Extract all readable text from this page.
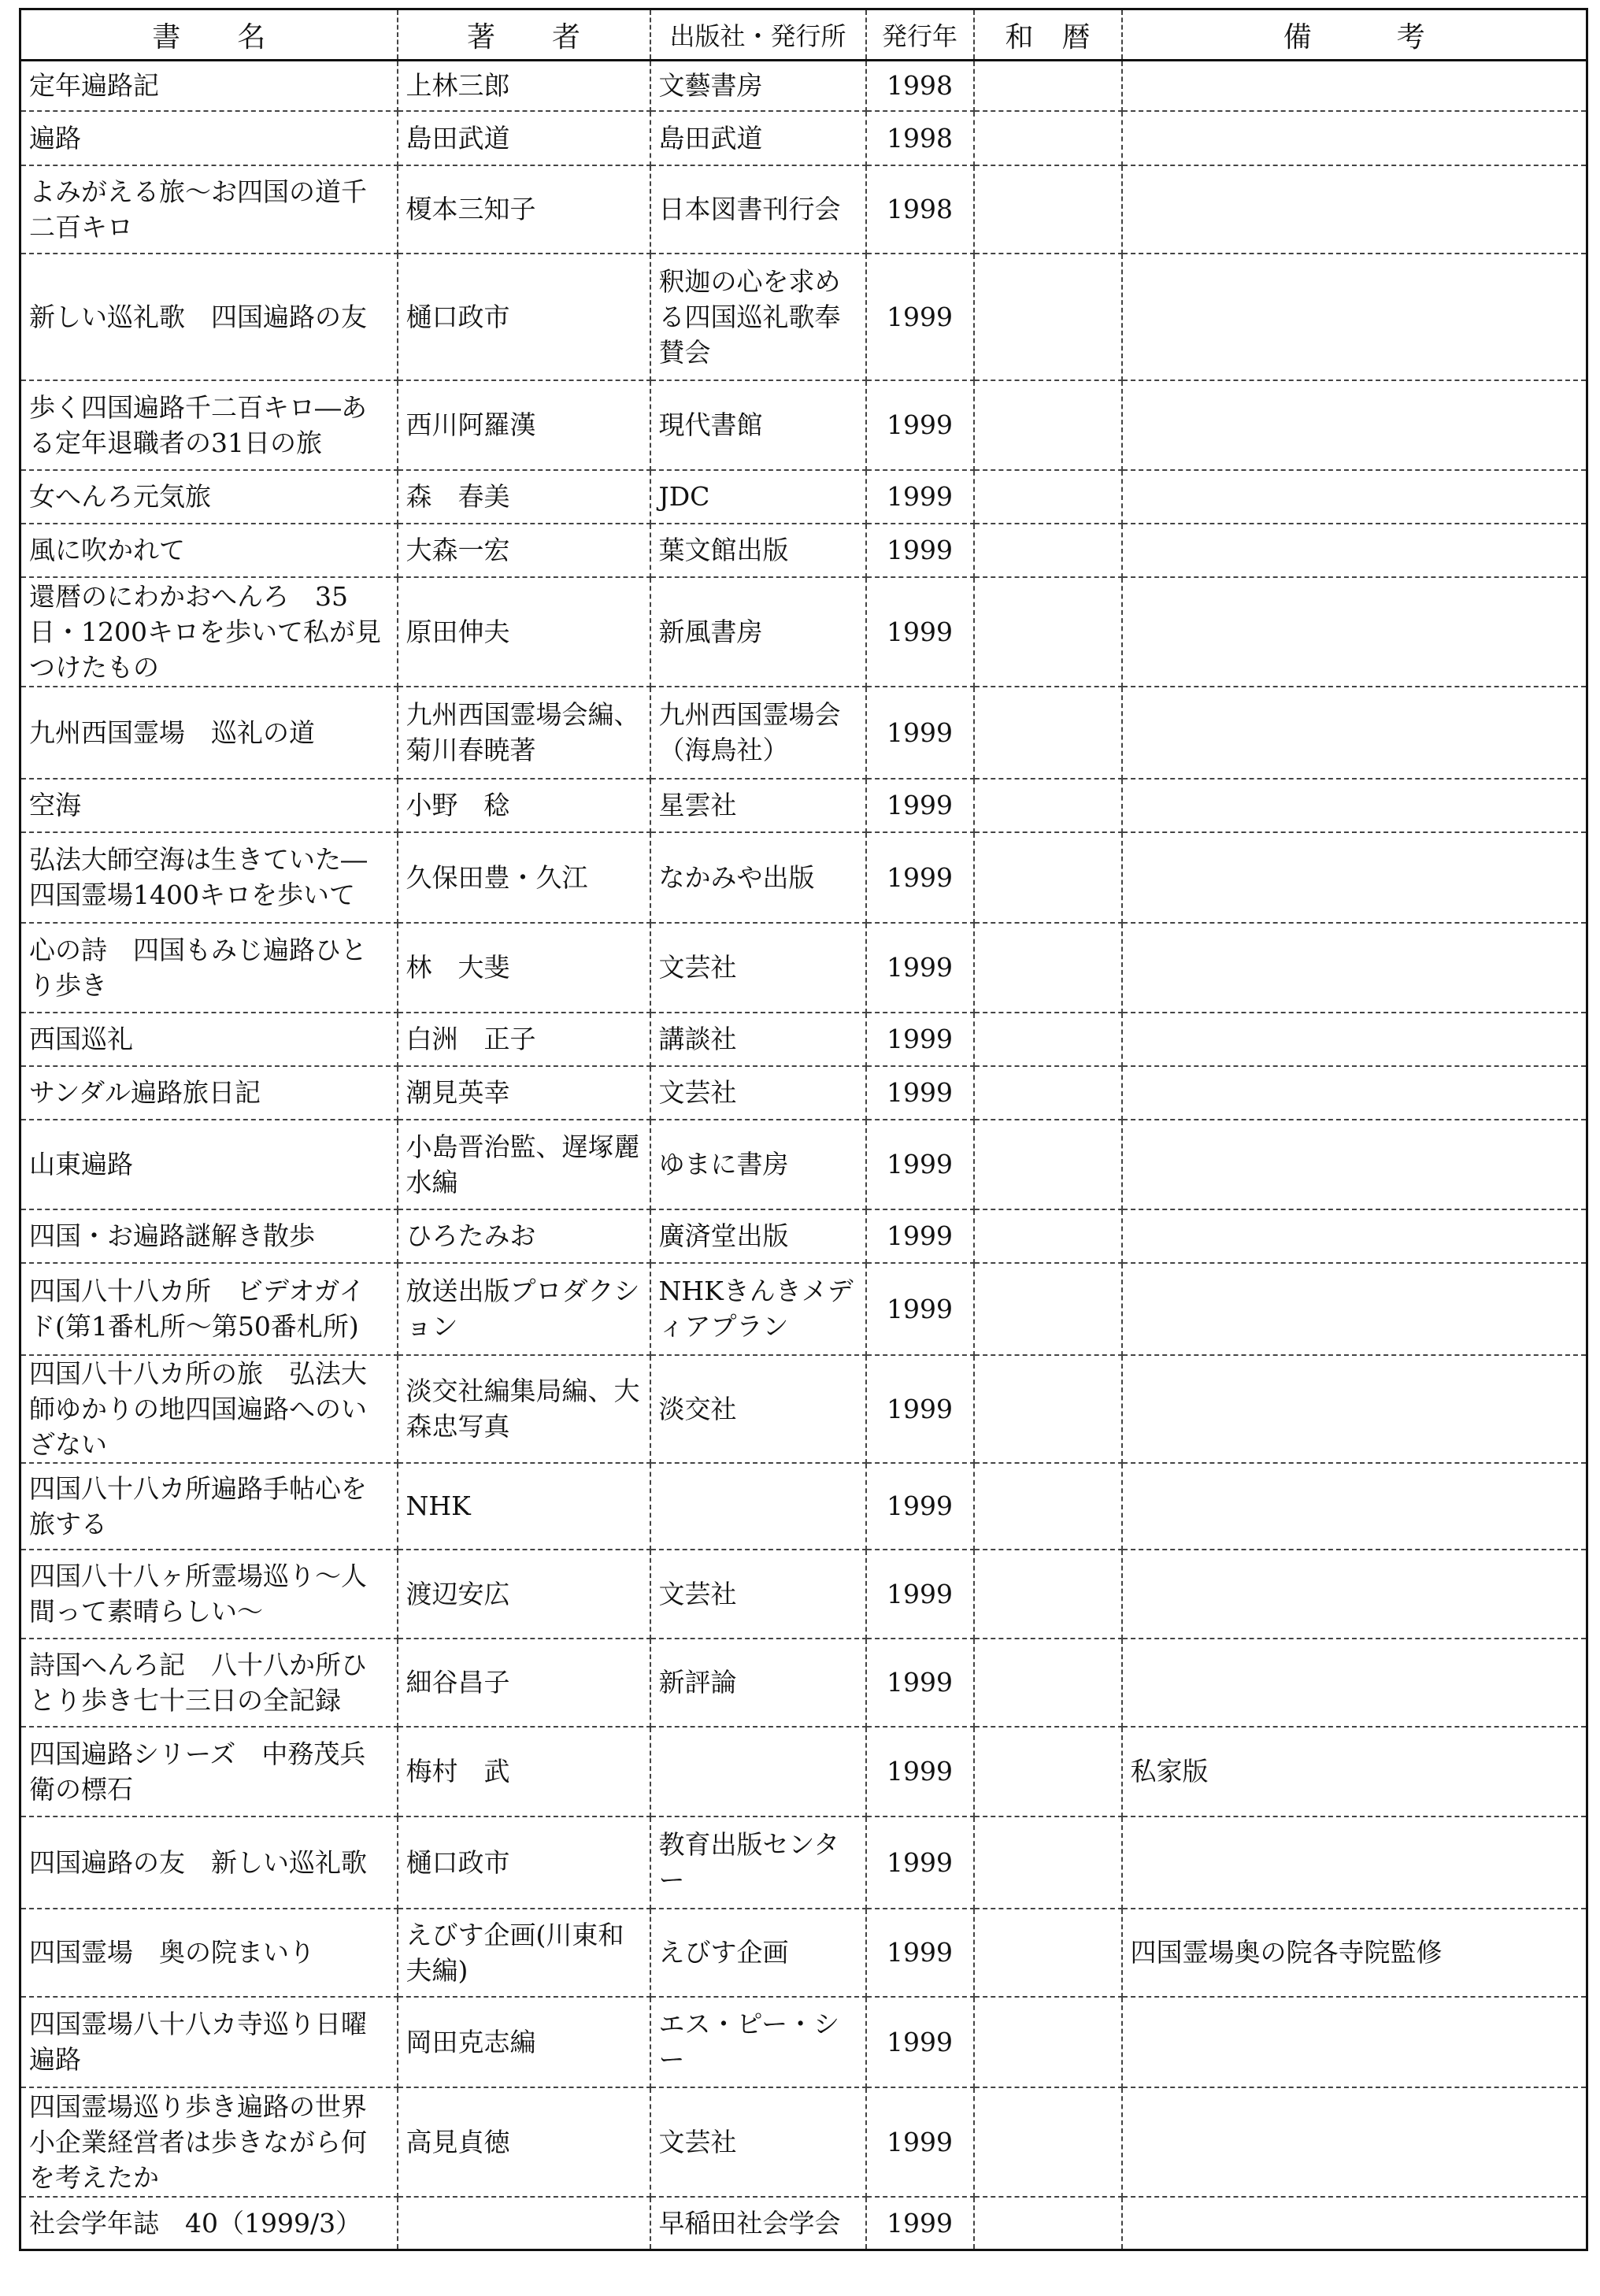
書　　名	著　　者	出版社・発行所	発行年	和　暦	備　　　考
定年遍路記	上林三郎	文藝書房	1998		
遍路	島田武道	島田武道	1998		
よみがえる旅〜お四国の道千二百キロ	榎本三知子	日本図書刊行会	1998		
新しい巡礼歌　四国遍路の友	樋口政市	釈迦の心を求める四国巡礼歌奉賛会	1999		
歩く四国遍路千二百キロ―ある定年退職者の31日の旅	西川阿羅漢	現代書館	1999		
女へんろ元気旅	森　春美	JDC	1999		
風に吹かれて	大森一宏	葉文館出版	1999		
還暦のにわかおへんろ　35日・1200キロを歩いて私が見つけたもの	原田伸夫	新風書房	1999		
九州西国霊場　巡礼の道	九州西国霊場会編、菊川春暁著	九州西国霊場会（海鳥社）	1999		
空海	小野　稔	星雲社	1999		
弘法大師空海は生きていた―四国霊場1400キロを歩いて	久保田豊・久江	なかみや出版	1999		
心の詩　四国もみじ遍路ひとり歩き	林　大斐	文芸社	1999		
西国巡礼	白洲　正子	講談社	1999		
サンダル遍路旅日記	潮見英幸	文芸社	1999		
山東遍路	小島晋治監、遅塚麗水編	ゆまに書房	1999		
四国・お遍路謎解き散歩	ひろたみお	廣済堂出版	1999		
四国八十八カ所　ビデオガイド(第1番札所〜第50番札所)	放送出版プロダクション	NHKきんきメディアプラン	1999		
四国八十八カ所の旅　弘法大師ゆかりの地四国遍路へのいざない	淡交社編集局編、大森忠写真	淡交社	1999		
四国八十八カ所遍路手帖心を旅する	NHK		1999		
四国八十八ヶ所霊場巡り〜人間って素晴らしい〜	渡辺安広	文芸社	1999		
詩国へんろ記　八十八か所ひとり歩き七十三日の全記録	細谷昌子	新評論	1999		
四国遍路シリーズ　中務茂兵衛の標石	梅村　武		1999		私家版
四国遍路の友　新しい巡礼歌	樋口政市	教育出版センター	1999		
四国霊場　奥の院まいり	えびす企画(川東和夫編)	えびす企画	1999		四国霊場奥の院各寺院監修
四国霊場八十八カ寺巡り日曜遍路	岡田克志編	エス・ピー・シー	1999		
四国霊場巡り歩き遍路の世界　小企業経営者は歩きながら何を考えたか	高見貞徳	文芸社	1999		
社会学年誌　40（1999/3）		早稲田社会学会	1999		
